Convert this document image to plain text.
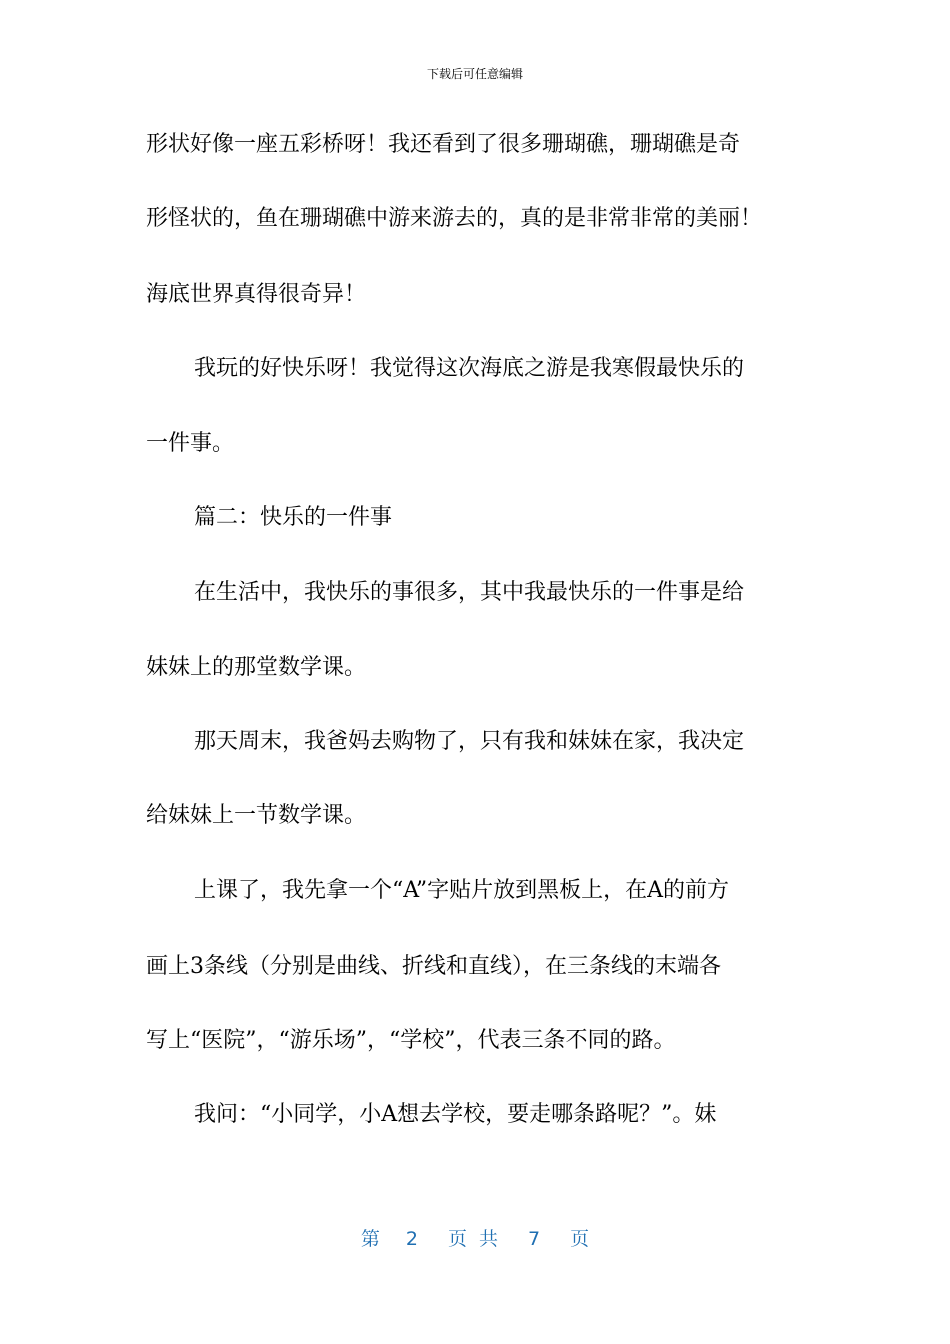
下载后可任意编辑
形状好像一座五彩桥呀！我还看到了很多珊瑚礁，珊瑚礁是奇
形怪状的，鱼在珊瑚礁中游来游去的，真的是非常非常的美丽！
海底世界真得很奇异！
我玩的好快乐呀！我觉得这次海底之游是我寒假最快乐的
一件事。
篇二：快乐的一件事
在生活中，我快乐的事很多，其中我最快乐的一件事是给
妹妹上的那堂数学课。
那天周末，我爸妈去购物了，只有我和妹妹在家，我决定
给妹妹上一节数学课。
上课了，我先拿一个“A”字贴片放到黑板上，在A的前方
画上3条线（分别是曲线、折线和直线），在三条线的末端各
写上“医院”，“游乐场”，“学校”，代表三条不同的路。
我问：“小同学，小A想去学校，要走哪条路呢？”。妹
第 2 页 共 7 页
